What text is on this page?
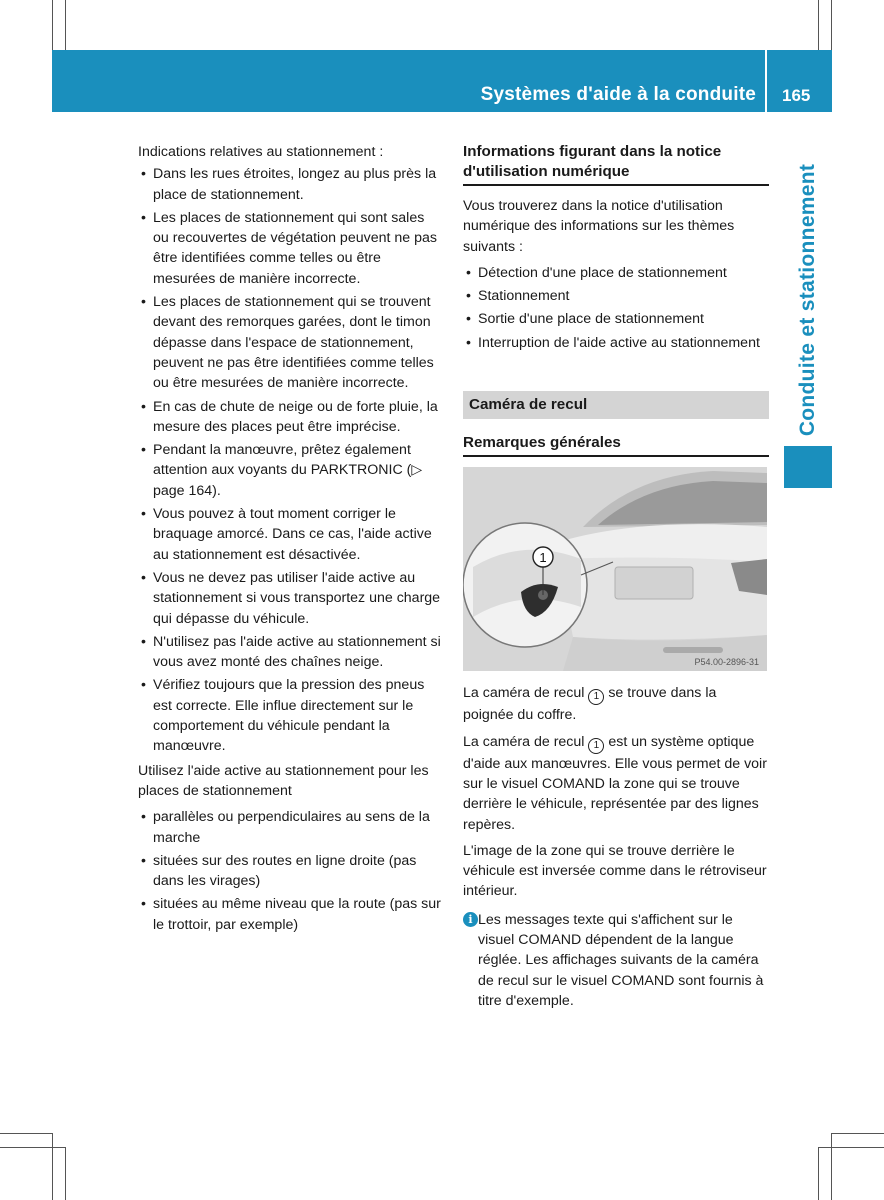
Systèmes d'aide à la conduite 165
Conduite et stationnement

Indications relatives au stationnement :

• Dans les rues étroites, longez au plus près la place de stationnement.
• Les places de stationnement qui sont sales ou recouvertes de végétation peuvent ne pas être identifiées comme telles ou être mesurées de manière incorrecte.
• Les places de stationnement qui se trouvent devant des remorques garées, dont le timon dépasse dans l'espace de stationnement, peuvent ne pas être identifiées comme telles ou être mesurées de manière incorrecte.
• En cas de chute de neige ou de forte pluie, la mesure des places peut être imprécise.
• Pendant la manœuvre, prêtez également attention aux voyants du PARKTRONIC (▷ page 164).
• Vous pouvez à tout moment corriger le braquage amorcé. Dans ce cas, l'aide active au stationnement est désactivée.
• Vous ne devez pas utiliser l'aide active au stationnement si vous transportez une charge qui dépasse du véhicule.
• N'utilisez pas l'aide active au stationnement si vous avez monté des chaînes neige.
• Vérifiez toujours que la pression des pneus est correcte. Elle influe directement sur le comportement du véhicule pendant la manœuvre.

Utilisez l'aide active au stationnement pour les places de stationnement

• parallèles ou perpendiculaires au sens de la marche
• situées sur des routes en ligne droite (pas dans les virages)
• situées au même niveau que la route (pas sur le trottoir, par exemple)
Informations figurant dans la notice d'utilisation numérique

Vous trouverez dans la notice d'utilisation numérique des informations sur les thèmes suivants :

• Détection d'une place de stationnement
• Stationnement
• Sortie d'une place de stationnement
• Interruption de l'aide active au stationnement
Caméra de recul
Remarques générales
1
P54.00-2896-31

La caméra de recul 1 se trouve dans la poignée du coffre.

La caméra de recul 1 est un système optique d'aide aux manœuvres. Elle vous permet de voir sur le visuel COMAND la zone qui se trouve derrière le véhicule, représentée par des lignes repères.

L'image de la zone qui se trouve derrière le véhicule est inversée comme dans le rétroviseur intérieur.

i Les messages texte qui s'affichent sur le visuel COMAND dépendent de la langue réglée. Les affichages suivants de la caméra de recul sur le visuel COMAND sont fournis à titre d'exemple.
